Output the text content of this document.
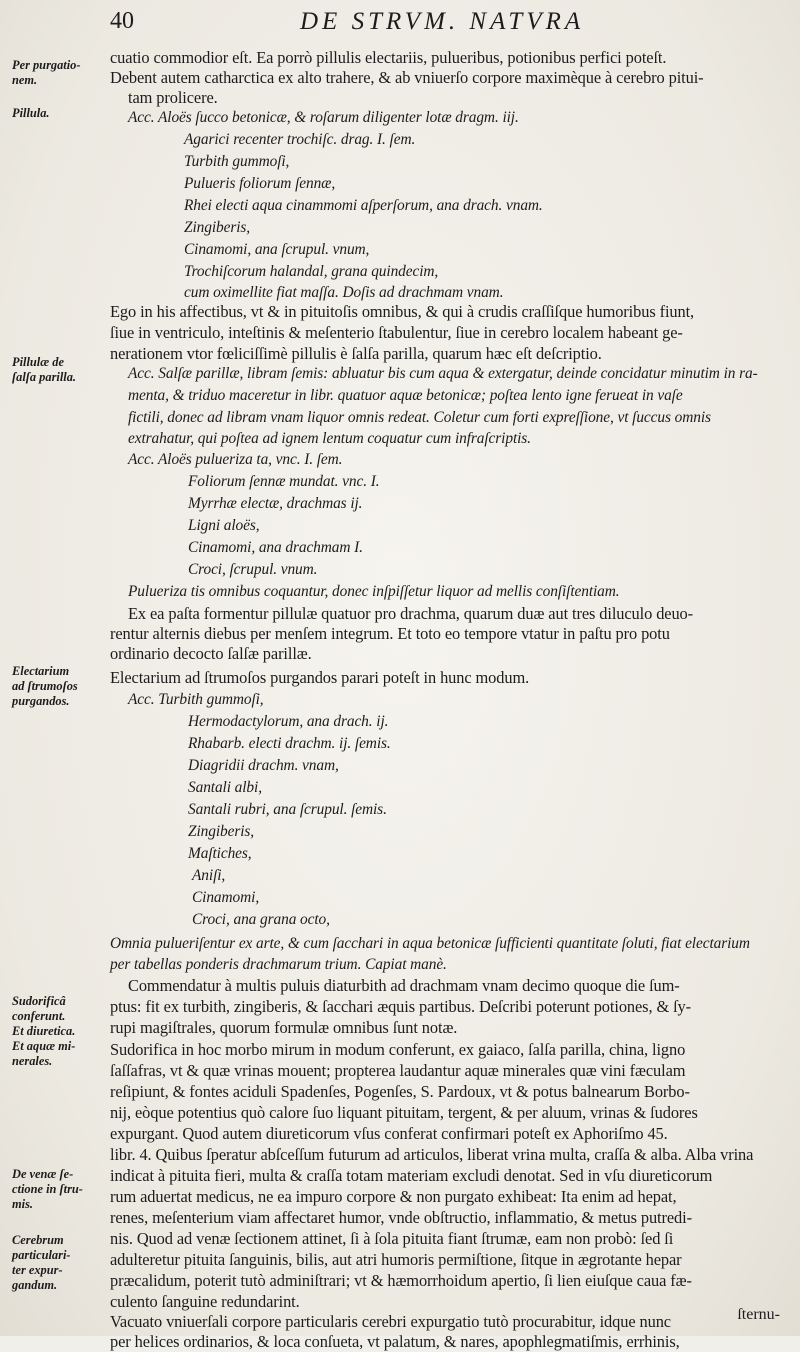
40	DE STRVM. NATVRA
Per purgatio-
nem.
Pillula.
Pillulæ de
ſalſa parilla.
Electarium
ad ſtrumoſos
purgandos.
Sudorificâ
conferunt.
Et diuretica.
Et aquæ mi-
nerales.
De venæ ſe-
ctione in ſtru-
mis.
Cerebrum
particulari-
ter expur-
gandum.
cuatio commodior eſt. Ea porrò pillulis electariis, pulueribus, potionibus perfici poteſt.
Debent autem catharctica ex alto trahere, & ab vniuerſo corpore maximèque à cerebro pitui-
tam prolicere.
Acc. Aloës ſucco betonicæ, & roſarum diligenter lotæ dragm. iij.
Agarici recenter trochiſc. drag. I. ſem.
Turbith gummoſi,
Pulueris foliorum ſennæ,
Rhei electi aqua cinammomi aſperſorum, ana drach. vnam.
Zingiberis,
Cinamomi, ana ſcrupul. vnum,
Trochiſcorum halandal, grana quindecim,
cum oximellite fiat maſſa. Doſis ad drachmam vnam.
Ego in his affectibus, vt & in pituitoſis omnibus, & qui à crudis craſſiſque humoribus fiunt,
ſiue in ventriculo, inteſtinis & meſenterio ſtabulentur, ſiue in cerebro localem habeant ge-
nerationem vtor fœliciſſimè pillulis è ſalſa parilla, quarum hæc eſt deſcriptio.
Acc. Salſæ parillæ, libram ſemis: abluatur bis cum aqua & extergatur, deinde concidatur minutim in ra-
menta, & triduo maceretur in libr. quatuor aquæ betonicæ; poſtea lento igne ferueat in vaſe
fictili, donec ad libram vnam liquor omnis redeat. Coletur cum forti expreſſione, vt ſuccus omnis
extrahatur, qui poſtea ad ignem lentum coquatur cum infraſcriptis.
Acc. Aloës pulueriza ta, vnc. I. ſem.
Foliorum ſennæ mundat. vnc. I.
Myrrhæ electæ, drachmas ij.
Ligni aloës,
Cinamomi, ana drachmam I.
Croci, ſcrupul. vnum.
Pulueriza tis omnibus coquantur, donec inſpiſſetur liquor ad mellis conſiſtentiam.
Ex ea paſta formentur pillulæ quatuor pro drachma, quarum duæ aut tres diluculo deuo-
rentur alternis diebus per menſem integrum. Et toto eo tempore vtatur in paſtu pro potu
ordinario decocto ſalſæ parillæ.
Electarium ad ſtrumoſos purgandos parari poteſt in hunc modum.
Acc. Turbith gummoſi,
Hermodactylorum, ana drach. ij.
Rhabarb. electi drachm. ij. ſemis.
Diagridii drachm. vnam,
Santali albi,
Santali rubri, ana ſcrupul. ſemis.
Zingiberis,
Maſtiches,
Aniſi,
Cinamomi,
Croci, ana grana octo,
Omnia pulueriſentur ex arte, & cum ſacchari in aqua betonicæ ſufficienti quantitate ſoluti, fiat electarium
per tabellas ponderis drachmarum trium. Capiat manè.
Commendatur à multis puluis diaturbith ad drachmam vnam decimo quoque die ſum-
ptus: fit ex turbith, zingiberis, & ſacchari æquis partibus. Deſcribi poterunt potiones, & ſy-
rupi magiſtrales, quorum formulæ omnibus ſunt notæ.
Sudorifica in hoc morbo mirum in modum conferunt, ex gaiaco, ſalſa parilla, china, ligno
ſaſſafras, vt & quæ vrinas mouent; propterea laudantur aquæ minerales quæ vini fæculam
reſipiunt, & fontes aciduli Spadenſes, Pogenſes, S. Pardoux, vt & potus balnearum Borbo-
nij, eòque potentius quò calore ſuo liquant pituitam, tergent, & per aluum, vrinas & ſudores
expurgant. Quod autem diureticorum vſus conferat confirmari poteſt ex Aphoriſmo 45.
libr. 4. Quibus ſperatur abſceſſum futurum ad articulos, liberat vrina multa, craſſa & alba. Alba vrina
indicat à pituita fieri, multa & craſſa totam materiam excludi denotat. Sed in vſu diureticorum
rum aduertat medicus, ne ea impuro corpore & non purgato exhibeat: Ita enim ad hepat,
renes, meſenterium viam affectaret humor, vnde obſtructio, inflammatio, & metus putredi-
nis. Quod ad venæ ſectionem attinet, ſi à ſola pituita fiant ſtrumæ, eam non probò: ſed ſi
adulteretur pituita ſanguinis, bilis, aut atri humoris permiſtione, ſitque in ægrotante hepar
præcalidum, poterit tutò adminiſtrari; vt & hæmorrhoidum apertio, ſi lien eiuſque caua fæ-
culento ſanguine redundarint.
Vacuato vniuerſali corpore particularis cerebri expurgatio tutò procurabitur, idque nunc
per helices ordinarios, & loca conſueta, vt palatum, & nares, apophlegmatiſmis, errhinis,
ſternu-
